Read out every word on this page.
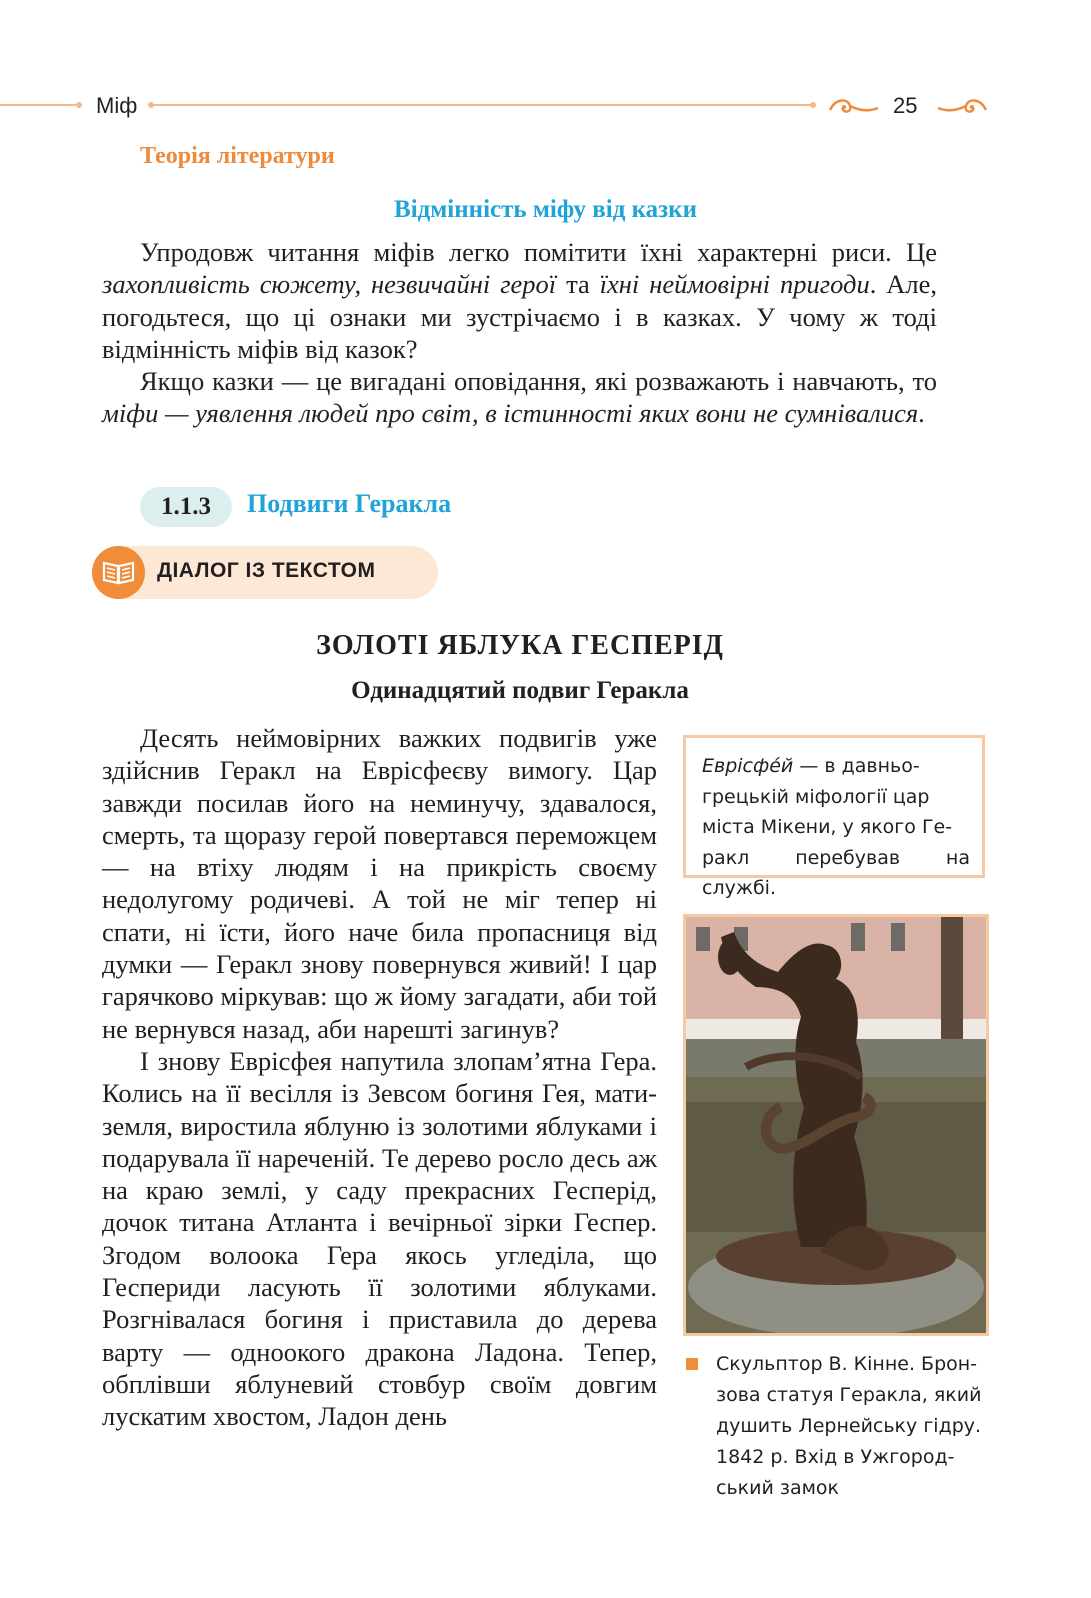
Міф	25
Теорія літератури
Відмінність міфу від казки

Упродовж читання міфів легко помітити їхні характерні риси. Це захопливість сюжету, незвичайні герої та їхні неймовірні пригоди. Але, погодьтеся, що ці ознаки ми зустрічаємо і в казках. У чому ж тоді відмінність міфів від казок?

Якщо казки — це вигадані оповідання, які розважають і навчають, то міфи — уявлення людей про світ, в істинності яких вони не сумнівалися.

1.1.3	Подвиги Геракла
ДІАЛОГ ІЗ ТЕКСТОМ
ЗОЛОТІ ЯБЛУКА ГЕСПЕРІД
Одинадцятий подвиг Геракла

Десять неймовірних важких подвигів уже здійснив Геракл на Еврісфеєву вимогу. Цар завжди посилав його на неминучу, здавалося, смерть, та щоразу герой повертався переможцем — на втіху людям і на прикрість своєму недолугому родичеві. А той не міг тепер ні спати, ні їсти, його наче била пропасниця від думки — Геракл знову повернувся живий! І цар гарячково міркував: що ж йому загадати, аби той не вернувся назад, аби нарешті загинув?

І знову Еврісфея напутила злопам’ятна Гера. Колись на її весілля із Зевсом богиня Гея, мати-земля, виростила яблуню із золотими яблуками і подарувала її нареченій. Те дерево росло десь аж на краю землі, у саду прекрасних Гесперід, дочок титана Атланта і вечірньої зірки Геспер. Згодом волоока Гера якось угледіла, що Геспериди ласують її золотими яблуками. Розгнівалася богиня і приставила до дерева варту — одноокого дракона Ладона. Тепер, обплівши яблуневий стовбур своїм довгим лускатим хвостом, Ладон день

Еврісфе́й — в давньо-
грецькій міфології цар
міста Мікени, у якого Ге-
ракл перебував на службі.
Скульптор В. Кінне. Брон-
зова статуя Геракла, який
душить Лернейську гідру.
1842 р. Вхід в Ужгород-
ський замок
